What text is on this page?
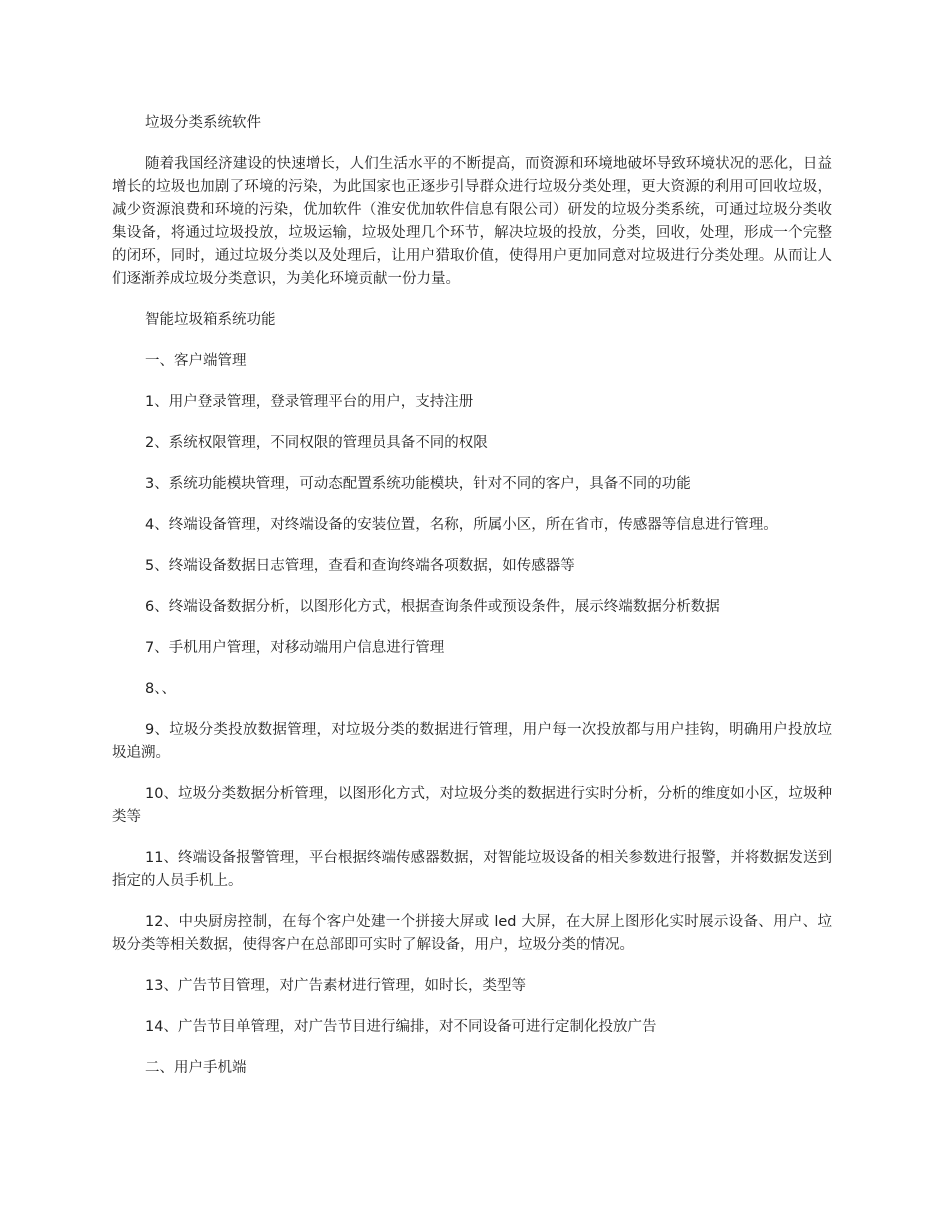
垃圾分类系统软件

随着我国经济建设的快速增长，人们生活水平的不断提高，而资源和环境地破坏导致环境状况的恶化，日益增长的垃圾也加剧了环境的污染，为此国家也正逐步引导群众进行垃圾分类处理，更大资源的利用可回收垃圾，减少资源浪费和环境的污染，优加软件（淮安优加软件信息有限公司）研发的垃圾分类系统，可通过垃圾分类收集设备，将通过垃圾投放，垃圾运输，垃圾处理几个环节，解决垃圾的投放，分类，回收，处理，形成一个完整的闭环，同时，通过垃圾分类以及处理后，让用户猎取价值，使得用户更加同意对垃圾进行分类处理。从而让人们逐渐养成垃圾分类意识，为美化环境贡献一份力量。

智能垃圾箱系统功能

一、客户端管理

1、用户登录管理，登录管理平台的用户，支持注册

2、系统权限管理，不同权限的管理员具备不同的权限

3、系统功能模块管理，可动态配置系统功能模块，针对不同的客户，具备不同的功能

4、终端设备管理，对终端设备的安装位置，名称，所属小区，所在省市，传感器等信息进行管理。

5、终端设备数据日志管理，查看和查询终端各项数据，如传感器等

6、终端设备数据分析，以图形化方式，根据查询条件或预设条件，展示终端数据分析数据

7、手机用户管理，对移动端用户信息进行管理

8、、

9、垃圾分类投放数据管理，对垃圾分类的数据进行管理，用户每一次投放都与用户挂钩，明确用户投放垃圾追溯。

10、垃圾分类数据分析管理，以图形化方式，对垃圾分类的数据进行实时分析，分析的维度如小区，垃圾种类等

11、终端设备报警管理，平台根据终端传感器数据，对智能垃圾设备的相关参数进行报警，并将数据发送到指定的人员手机上。

12、中央厨房控制，在每个客户处建一个拼接大屏或 led 大屏，在大屏上图形化实时展示设备、用户、垃圾分类等相关数据，使得客户在总部即可实时了解设备，用户，垃圾分类的情况。

13、广告节目管理，对广告素材进行管理，如时长，类型等

14、广告节目单管理，对广告节目进行编排，对不同设备可进行定制化投放广告

二、用户手机端
